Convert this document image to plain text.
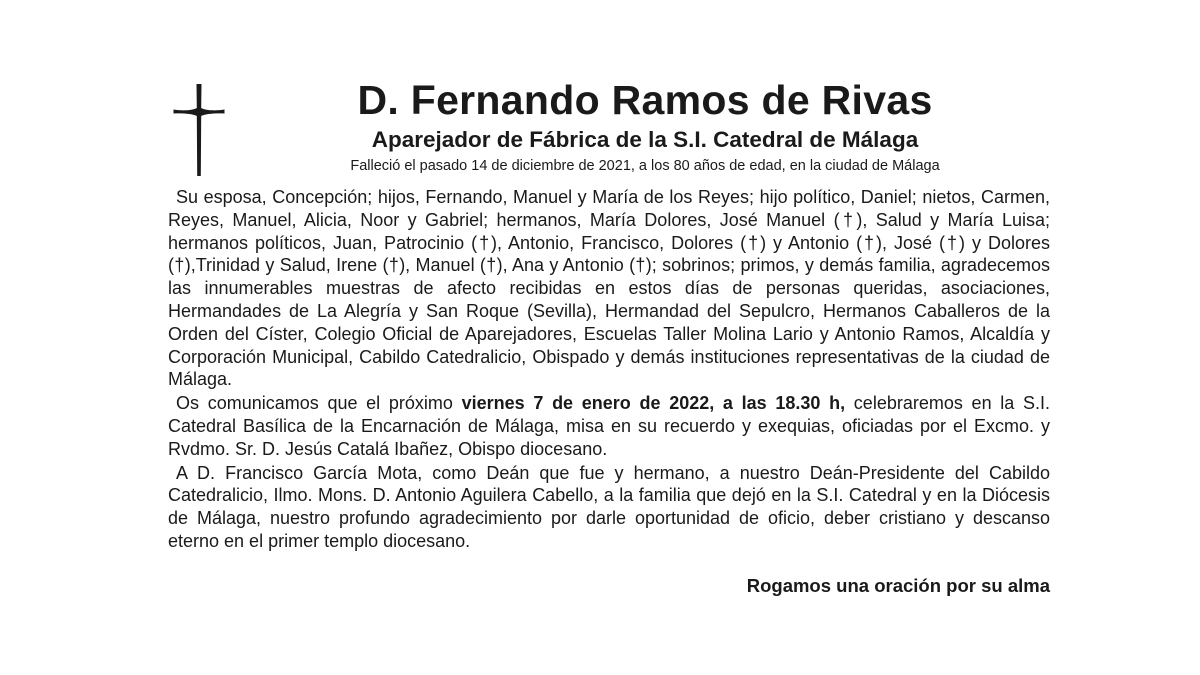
D. Fernando Ramos de Rivas
Aparejador de Fábrica de la S.I. Catedral de Málaga

Falleció el pasado 14 de diciembre de 2021, a los 80 años de edad, en la ciudad de Málaga

Su esposa, Concepción; hijos, Fernando, Manuel y María de los Reyes; hijo político, Daniel; nietos, Carmen, Reyes, Manuel, Alicia, Noor y Gabriel; hermanos, María Dolores, José Manuel (†), Salud y María Luisa; hermanos políticos, Juan, Patrocinio (†), Antonio, Francisco, Dolores (†) y Antonio (†), José (†) y Dolores (†),Trinidad y Salud, Irene (†), Manuel (†), Ana y Antonio (†); sobrinos; primos, y demás familia, agradecemos las innumerables muestras de afecto recibidas en estos días de personas queridas, asociaciones, Hermandades de La Alegría y San Roque (Sevilla), Hermandad del Sepulcro, Hermanos Caballeros de la Orden del Císter, Colegio Oficial de Aparejadores, Escuelas Taller Molina Lario y Antonio Ramos, Alcaldía y Corporación Municipal, Cabildo Catedralicio, Obispado y demás instituciones representativas de la ciudad de Málaga.

Os comunicamos que el próximo viernes 7 de enero de 2022, a las 18.30 h, celebraremos en la S.I. Catedral Basílica de la Encarnación de Málaga, misa en su recuerdo y exequias, oficiadas por el Excmo. y Rvdmo. Sr. D. Jesús Catalá Ibañez, Obispo diocesano.

A D. Francisco García Mota, como Deán que fue y hermano, a nuestro Deán-Presidente del Cabildo Catedralicio, Ilmo. Mons. D. Antonio Aguilera Cabello, a la familia que dejó en la S.I. Catedral y en la Diócesis de Málaga, nuestro profundo agradecimiento por darle oportunidad de oficio, deber cristiano y descanso eterno en el primer templo diocesano.

Rogamos una oración por su alma
